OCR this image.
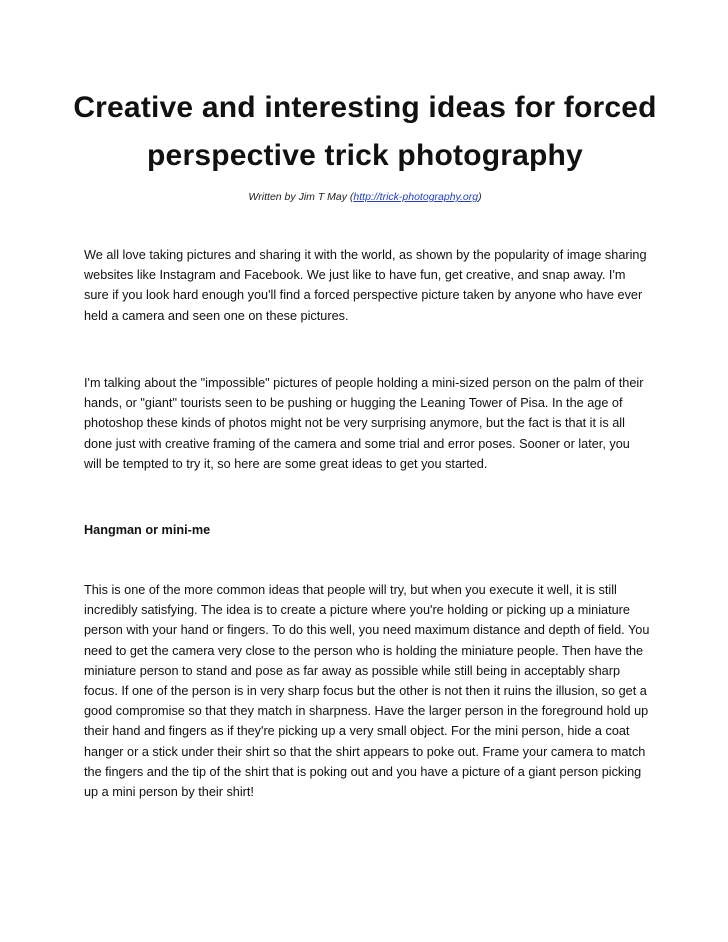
Creative and interesting ideas for forced perspective trick photography
Written by Jim T May (http://trick-photography.org)

We all love taking pictures and sharing it with the world, as shown by the popularity of image sharing websites like Instagram and Facebook. We just like to have fun, get creative, and snap away. I'm sure if you look hard enough you'll find a forced perspective picture taken by anyone who have ever held a camera and seen one on these pictures.

I'm talking about the "impossible" pictures of people holding a mini-sized person on the palm of their hands, or "giant" tourists seen to be pushing or hugging the Leaning Tower of Pisa. In the age of photoshop these kinds of photos might not be very surprising anymore, but the fact is that it is all done just with creative framing of the camera and some trial and error poses. Sooner or later, you will be tempted to try it, so here are some great ideas to get you started.

Hangman or mini-me

This is one of the more common ideas that people will try, but when you execute it well, it is still incredibly satisfying. The idea is to create a picture where you're holding or picking up a miniature person with your hand or fingers. To do this well, you need maximum distance and depth of field. You need to get the camera very close to the person who is holding the miniature people. Then have the miniature person to stand and pose as far away as possible while still being in acceptably sharp focus. If one of the person is in very sharp focus but the other is not then it ruins the illusion, so get a good compromise so that they match in sharpness. Have the larger person in the foreground hold up their hand and fingers as if they're picking up a very small object. For the mini person, hide a coat hanger or a stick under their shirt so that the shirt appears to poke out. Frame your camera to match the fingers and the tip of the shirt that is poking out and you have a picture of a giant person picking up a mini person by their shirt!
